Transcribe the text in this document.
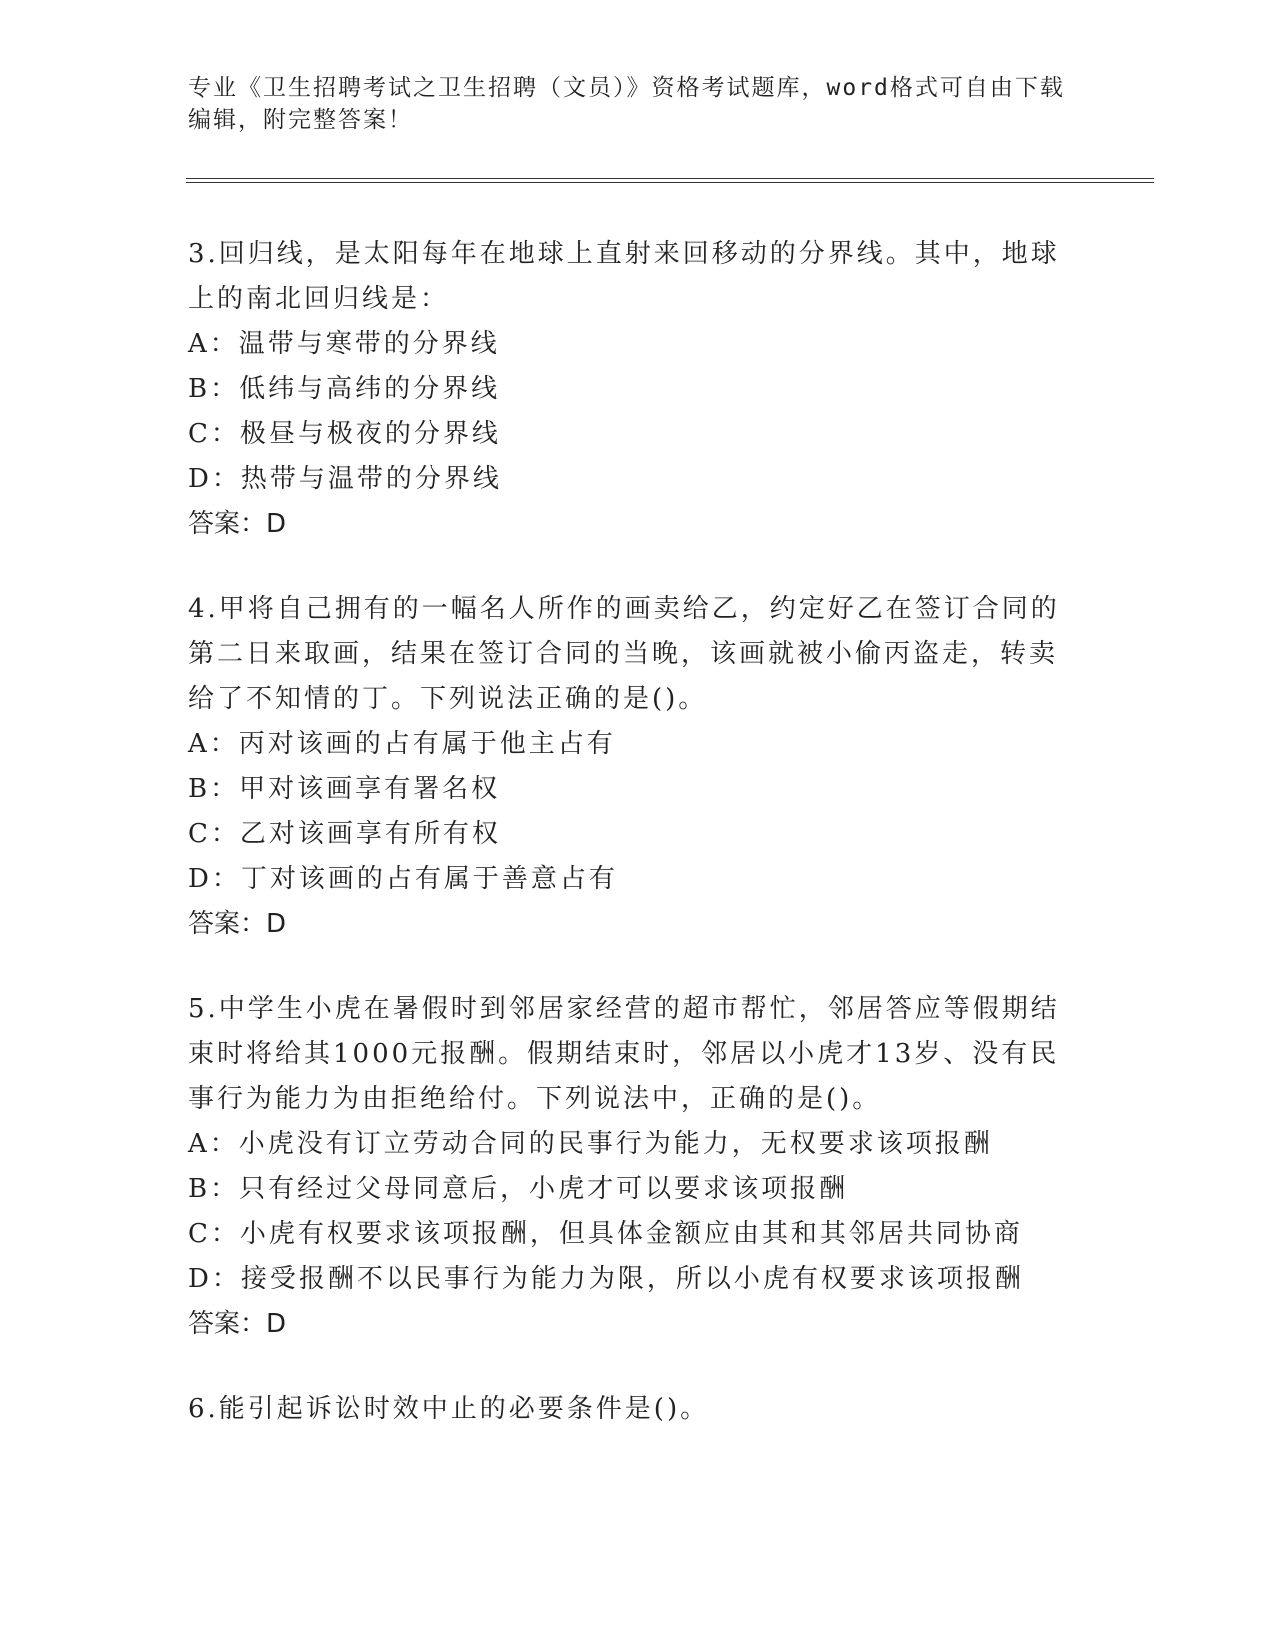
专业《卫生招聘考试之卫生招聘（文员）》资格考试题库，word格式可自由下载
编辑，附完整答案！

3.回归线，是太阳每年在地球上直射来回移动的分界线。其中，地球

上的南北回归线是：

A：温带与寒带的分界线

B：低纬与高纬的分界线

C：极昼与极夜的分界线

D：热带与温带的分界线

答案：D

4.甲将自己拥有的一幅名人所作的画卖给乙，约定好乙在签订合同的

第二日来取画，结果在签订合同的当晚，该画就被小偷丙盗走，转卖

给了不知情的丁。下列说法正确的是()。

A：丙对该画的占有属于他主占有

B：甲对该画享有署名权

C：乙对该画享有所有权

D：丁对该画的占有属于善意占有

答案：D

5.中学生小虎在暑假时到邻居家经营的超市帮忙，邻居答应等假期结

束时将给其1000元报酬。假期结束时，邻居以小虎才13岁、没有民

事行为能力为由拒绝给付。下列说法中，正确的是()。

A：小虎没有订立劳动合同的民事行为能力，无权要求该项报酬

B：只有经过父母同意后，小虎才可以要求该项报酬

C：小虎有权要求该项报酬，但具体金额应由其和其邻居共同协商

D：接受报酬不以民事行为能力为限，所以小虎有权要求该项报酬

答案：D

6.能引起诉讼时效中止的必要条件是()。
